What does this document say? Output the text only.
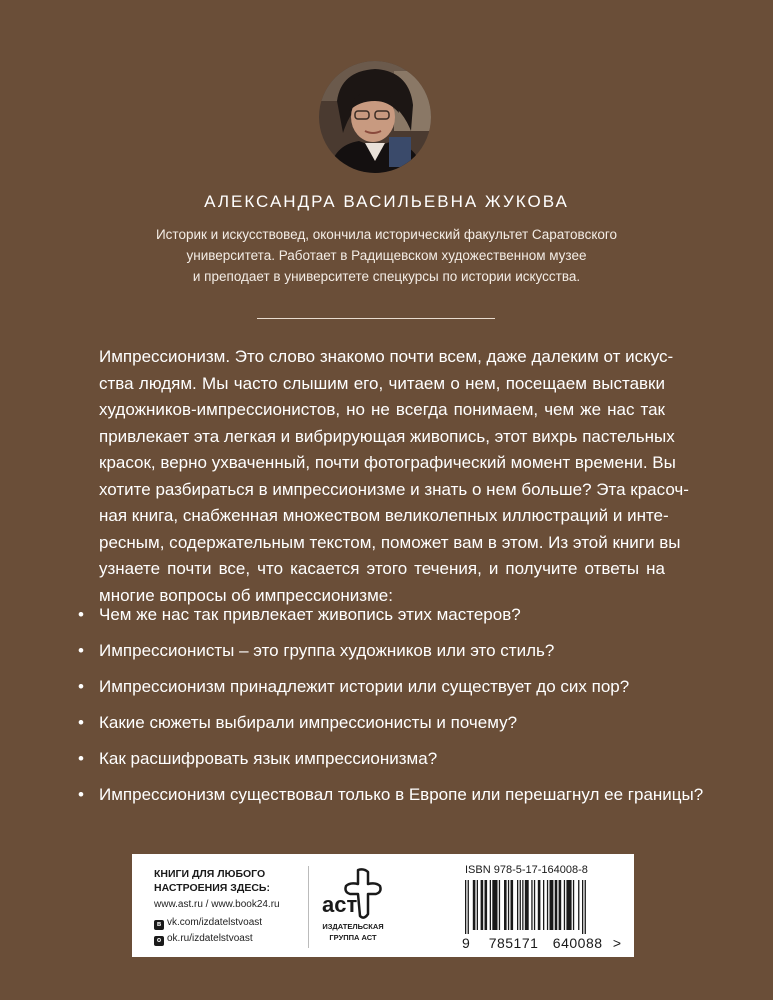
АЛЕКСАНДРА ВАСИЛЬЕВНА ЖУКОВА
Историк и искусствовед, окончила исторический факультет Саратовского
университета. Работает в Радищевском художественном музее
и преподает в университете спецкурсы по истории искусства.
Импрессионизм. Это слово знакомо почти всем, даже далеким от искус-
ства людям. Мы часто слышим его, читаем о нем, посещаем выставки
художников-импрессионистов, но не всегда понимаем, чем же нас так
привлекает эта легкая и вибрирующая живопись, этот вихрь пастельных
красок, верно ухваченный, почти фотографический момент времени. Вы
хотите разбираться в импрессионизме и знать о нем больше? Эта красоч-
ная книга, снабженная множеством великолепных иллюстраций и инте-
ресным, содержательным текстом, поможет вам в этом. Из этой книги вы
узнаете почти все, что касается этого течения, и получите ответы на
многие вопросы об импрессионизме:
• Чем же нас так привлекает живопись этих мастеров?
• Импрессионисты – это группа художников или это стиль?
• Импрессионизм принадлежит истории или существует до сих пор?
• Какие сюжеты выбирали импрессионисты и почему?
• Как расшифровать язык импрессионизма?
• Импрессионизм существовал только в Европе или перешагнул ее границы?
КНИГИ ДЛЯ ЛЮБОГО
НАСТРОЕНИЯ ЗДЕСЬ:
www.ast.ru / www.book24.ru
в vk.com/izdatelstvoast
o ok.ru/izdatelstvoast
аст
ИЗДАТЕЛЬСКАЯ
ГРУППА АСТ
ISBN 978-5-17-164008-8
9 785171 640088 >
